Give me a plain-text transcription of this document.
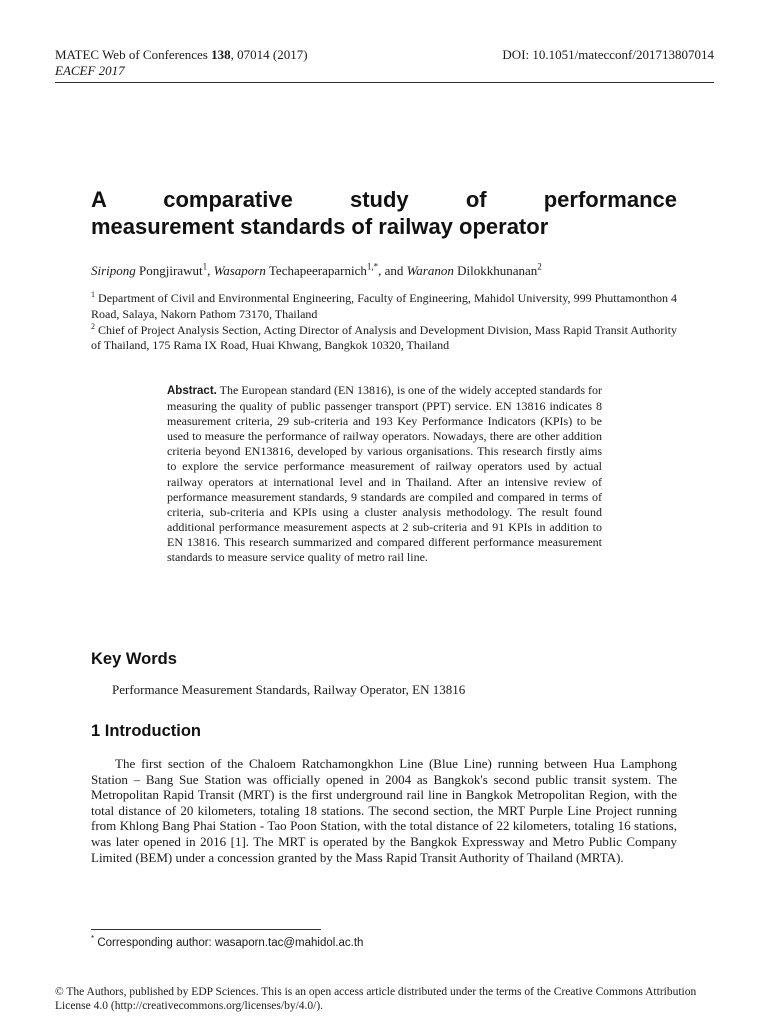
MATEC Web of Conferences 138, 07014 (2017)
EACEF 2017
DOI: 10.1051/matecconf/201713807014
A comparative study of performance
measurement standards of railway operator
Siripong Pongjirawut$^1$, Wasaporn Techapeeraparnich$^{1,*}$, and Waranon Dilokkhunanan$^2$
$^1$ Department of Civil and Environmental Engineering, Faculty of Engineering, Mahidol University, 999 Phuttamonthon 4 Road, Salaya, Nakorn Pathom 73170, Thailand
$^2$ Chief of Project Analysis Section, Acting Director of Analysis and Development Division, Mass Rapid Transit Authority of Thailand, 175 Rama IX Road, Huai Khwang, Bangkok 10320, Thailand

Abstract. The European standard (EN 13816), is one of the widely accepted standards for measuring the quality of public passenger transport (PPT) service. EN 13816 indicates 8 measurement criteria, 29 sub-criteria and 193 Key Performance Indicators (KPIs) to be used to measure the performance of railway operators. Nowadays, there are other addition criteria beyond EN13816, developed by various organisations. This research firstly aims to explore the service performance measurement of railway operators used by actual railway operators at international level and in Thailand. After an intensive review of performance measurement standards, 9 standards are compiled and compared in terms of criteria, sub-criteria and KPIs using a cluster analysis methodology. The result found additional performance measurement aspects at 2 sub-criteria and 91 KPIs in addition to EN 13816. This research summarized and compared different performance measurement standards to measure service quality of metro rail line.

Key Words
Performance Measurement Standards, Railway Operator, EN 13816
1 Introduction

The first section of the Chaloem Ratchamongkhon Line (Blue Line) running between Hua Lamphong Station – Bang Sue Station was officially opened in 2004 as Bangkok's second public transit system. The Metropolitan Rapid Transit (MRT) is the first underground rail line in Bangkok Metropolitan Region, with the total distance of 20 kilometers, totaling 18 stations. The second section, the MRT Purple Line Project running from Khlong Bang Phai Station - Tao Poon Station, with the total distance of 22 kilometers, totaling 16 stations, was later opened in 2016 [1]. The MRT is operated by the Bangkok Expressway and Metro Public Company Limited (BEM) under a concession granted by the Mass Rapid Transit Authority of Thailand (MRTA).

* Corresponding author: wasaporn.tac@mahidol.ac.th

© The Authors, published by EDP Sciences. This is an open access article distributed under the terms of the Creative Commons Attribution License 4.0 (http://creativecommons.org/licenses/by/4.0/).
